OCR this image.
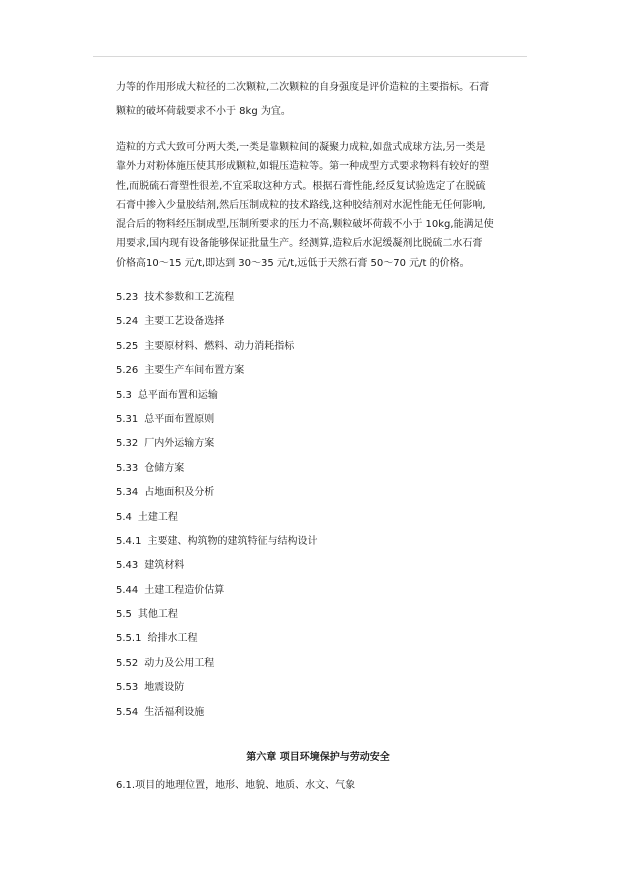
力等的作用形成大粒径的二次颗粒,二次颗粒的自身强度是评价造粒的主要指标。石膏
颗粒的破坏荷载要求不小于 8kg 为宜。
造粒的方式大致可分两大类,一类是靠颗粒间的凝聚力成粒,如盘式成球方法,另一类是
靠外力对粉体施压使其形成颗粒,如辊压造粒等。第一种成型方式要求物料有较好的塑
性,而脱硫石膏塑性很差,不宜采取这种方式。根据石膏性能,经反复试验选定了在脱硫
石膏中掺入少量胶结剂,然后压制成粒的技术路线,这种胶结剂对水泥性能无任何影响,
混合后的物料经压制成型,压制所要求的压力不高,颗粒破坏荷载不小于 10kg,能满足使
用要求,国内现有设备能够保证批量生产。经测算,造粒后水泥缓凝剂比脱硫二水石膏
价格高10～15 元/t,即达到 30～35 元/t,远低于天然石膏 50～70 元/t 的价格。
5.23 技术参数和工艺流程
5.24 主要工艺设备选择
5.25 主要原材料、燃料、动力消耗指标
5.26 主要生产车间布置方案
5.3 总平面布置和运输
5.31 总平面布置原则
5.32 厂内外运输方案
5.33 仓储方案
5.34 占地面积及分析
5.4 土建工程
5.4.1 主要建、构筑物的建筑特征与结构设计
5.43 建筑材料
5.44 土建工程造价估算
5.5 其他工程
5.5.1 给排水工程
5.52 动力及公用工程
5.53 地震设防
5.54 生活福利设施
第六章 项目环境保护与劳动安全
6.1.项目的地理位置，地形、地貌、地质、水文、气象
